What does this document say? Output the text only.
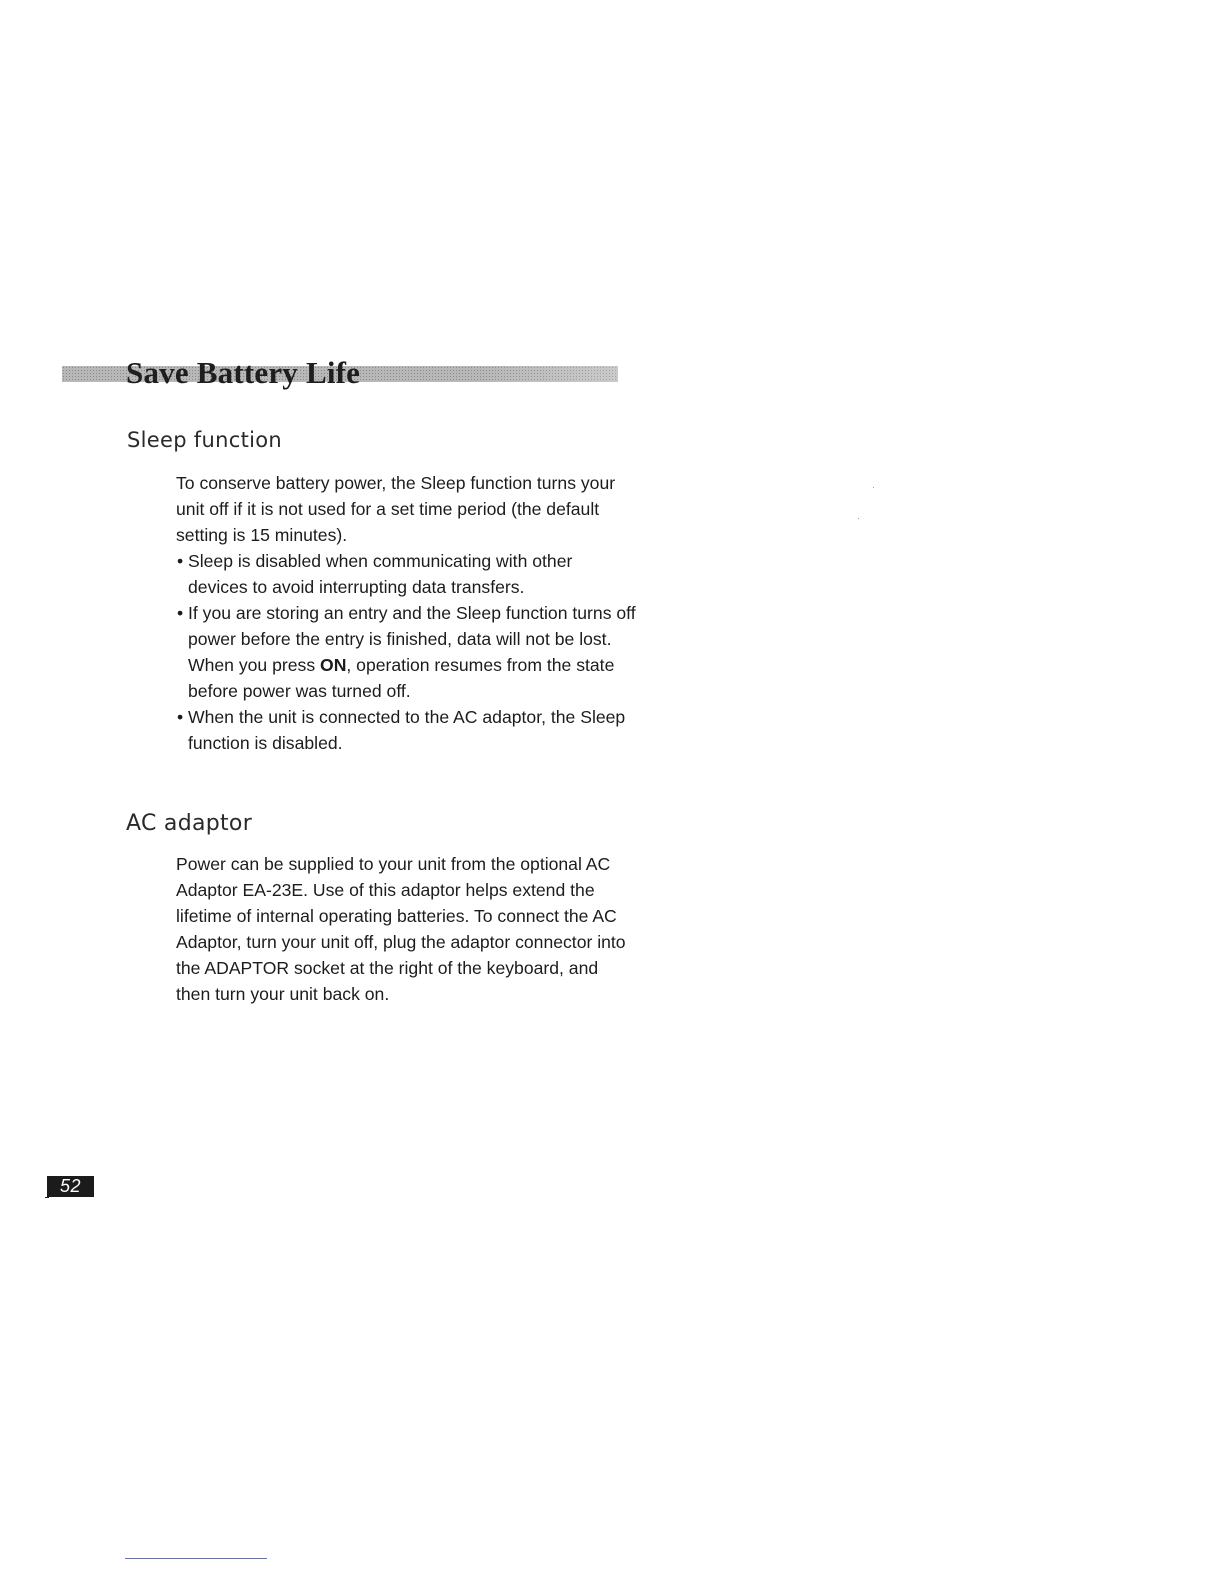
Save Battery Life
Sleep function

To conserve battery power, the Sleep function turns your unit off if it is not used for a set time period (the default setting is 15 minutes).

• Sleep is disabled when communicating with other devices to avoid interrupting data transfers.
• If you are storing an entry and the Sleep function turns off power before the entry is finished, data will not be lost. When you press ON, operation resumes from the state before power was turned off.
• When the unit is connected to the AC adaptor, the Sleep function is disabled.
AC adaptor

Power can be supplied to your unit from the optional AC Adaptor EA-23E. Use of this adaptor helps extend the lifetime of internal operating batteries. To connect the AC Adaptor, turn your unit off, plug the adaptor connector into the ADAPTOR socket at the right of the keyboard, and then turn your unit back on.

52
